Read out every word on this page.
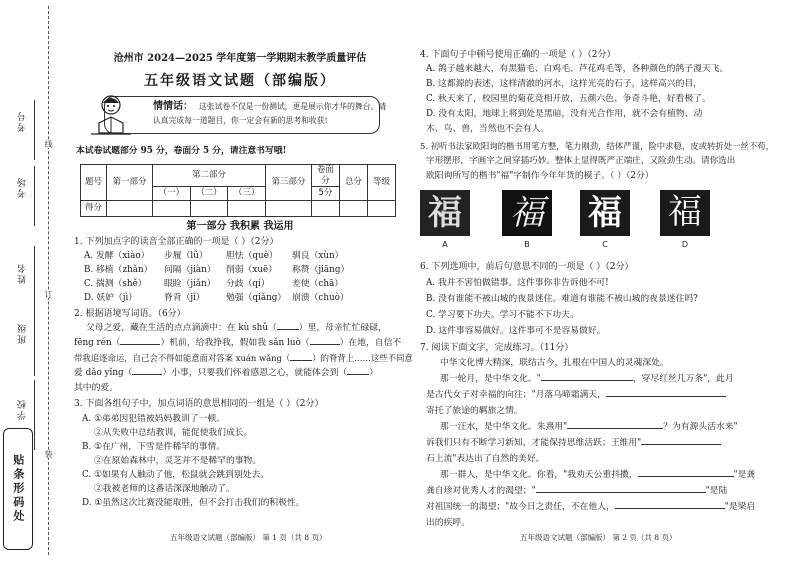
考号
考场
姓名
班级
学校
线
订
装
贴条形码处
沧州市 2024—2025 学年度第一学期期末教学质量评估
五年级语文试题（部编版）
情情话： 这张试卷不仅是一份测试，更是展示你才华的舞台。请
认真完成每一道题目，你一定会有新的思考和收获!
本试卷试题部分 95 分，卷面分 5 分，请注意书写哦!
题号	第一部分	第二部分			第三部分	卷面分	总分	等级
		（一）	（二）	（三）		5分		
得分								
第一部分 我积累 我运用
1. 下列加点字的读音全部正确的一项是（ ）（2分）
A. 发酵（xiào） 步履（lǚ） 胆怯（què） 驯良（xùn）
B. 移植（zhǎn） 问隔（jiàn） 削弱（xuē） 称赞（jiāng）
C. 揣测（shě） 眼睑（jiǎn） 分歧（qí）	差使（chā）
D. 妖妒（jì）	脊背（jǐ） 勉强（qiǎng） 崩溃（chuò）
2. 根据语境写词语。（6分）
父母之爱，藏在生活的点点滴滴中：在 kù shǔ（	）里，母亲忙忙碌碌，
fēng rén（	）机前，给我挣我，假如我 sǎn luò（	）在地，自信不
带我追逐命运，自己会不得如能意面对答案 xuán wǎng（	）的脊背上……这些不同意
爱 dǎo yǐng（	）小事，只要我们怀着感恩之心，就能体会到（	）
其中的爱。
3. 下面各组句子中，加点词语的意思相同的一组是（ ）（2分）
A. ①弟弟因犯错被妈妈教训了一顿。
②从失败中总结教训，能促使我们成长。
B. ①在广州，下雪是件稀罕的事情。
②在原始森林中，灵芝并不是稀罕的事物。
C. ①如果有人触动了他，松鼠就会跳到别处去。
②我被老师的这番话深深地触动了。
D. ①虽然这次比赛没能取胜，但不会打击我们的积极性。
五年级语文试题（部编版） 第 1 页（共 8 页）
4. 下面句子中顿号使用正确的一项是（ ）（2分）
A. 鸽子越来越大，有黑猫毛、白鸡毛、芦花鸡毛等，各种颜色的鸽子漫天飞。
B. 这都源的表述，这样清澈的河水，这样光亮的石子，这样高兴的目，
C. 秋天来了，校园里的菊花竞相开放，五颜六色、争奇斗艳，好看极了。
D. 没有太阳，地球上将到处是黑暗，没有光合作用，就不会有植物、动
木、鸟、兽，当然也不会有人。
5. 初听书法家欧阳询的楷书用笔方整，笔力刚劲，结体严谨，险中求稳，皮或转折处一丝不苟，
字形摆形，字画字之间穿插巧妙。整体上显得既严正端庄，又险劲生动。请你选出
欧阳询所写的楷书"福"字制作今年年货的模子。（ ）（2分）
福
A
福
B
福
C
福
D
6. 下列选项中，前后句意思不同的一项是（ ）（2分）
A. 我并不害怕做错事。这件事你非告诉他不可!
B. 没有谁能不被山城的夜景迷住。难道有谁能不被山城的夜景迷住吗?
C. 学习要下功夫。学习不能不下功夫。
D. 这件事容易做好。这件事可不是容易做好。
7. 阅读下面文字，完成练习。（11分）
中华文化博大精深，联结古今，扎根在中国人的灵魂深处。
那一轮月，是中华文化。"	，穿尽红丝几万条"，此月
是古代女子对幸福的向往；"月落乌啼霜满天，
寄托了旅途的羁旅之情。
那一汪水，是中华文化。朱熹用"	？为有源头活水来"
诉我们只有不断学习新知，才能保持思维活跃；王维用"
石上流"表达出了自然的美好。
那一群人，是中华文化。你看，"我劝天公重抖擞，	"是龚
龚自珍对优秀人才的渴望；"	"是陆
对祖国统一的渴望；"故今日之责任，不在他人，	"是梁启
出的疾呼。
五年级语文试题（部编版） 第 2 页（共 8 页）
